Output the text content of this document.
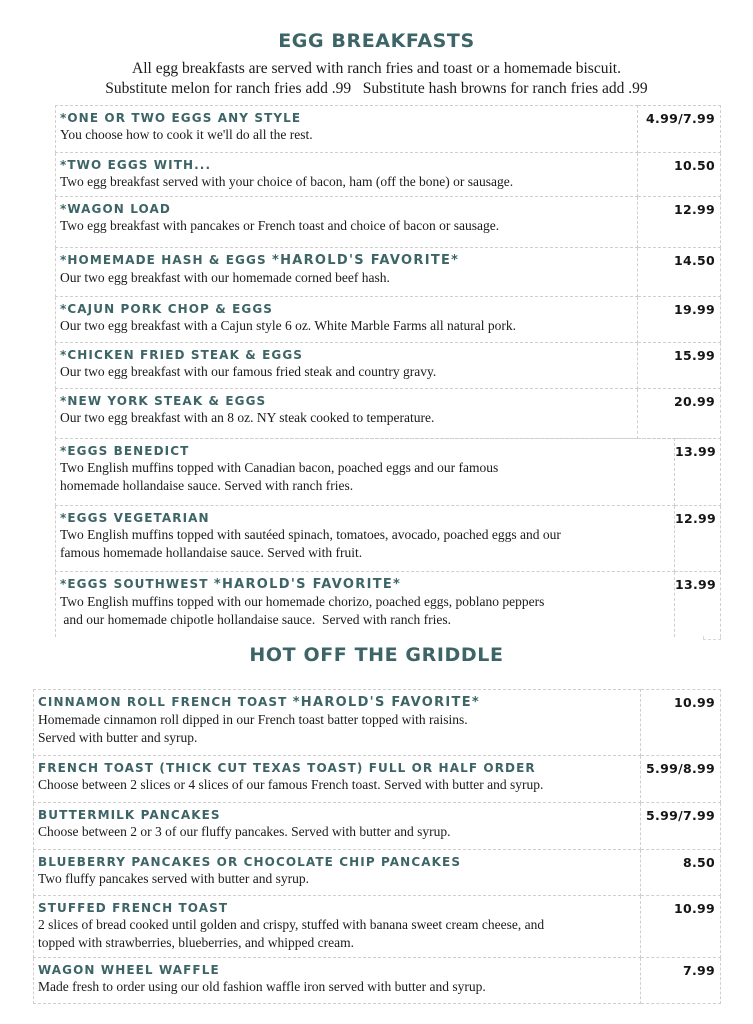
EGG BREAKFASTS
All egg breakfasts are served with ranch fries and toast or a homemade biscuit.
Substitute melon for ranch fries add .99   Substitute hash browns for ranch fries add .99
*ONE OR TWO EGGS ANY STYLE
You choose how to cook it we'll do all the rest.	4.99/7.99

*TWO EGGS WITH...
Two egg breakfast served with your choice of bacon, ham (off the bone) or sausage.	10.50

*WAGON LOAD
Two egg breakfast with pancakes or French toast and choice of bacon or sausage.	12.99

*HOMEMADE HASH & EGGS *HAROLD'S FAVORITE*
Our two egg breakfast with our homemade corned beef hash.	14.50

*CAJUN PORK CHOP & EGGS
Our two egg breakfast with a Cajun style 6 oz. White Marble Farms all natural pork.	19.99

*CHICKEN FRIED STEAK & EGGS
Our two egg breakfast with our famous fried steak and country gravy.	15.99

*NEW YORK STEAK & EGGS
Our two egg breakfast with an 8 oz. NY steak cooked to temperature.	20.99
*EGGS BENEDICT
Two English muffins topped with Canadian bacon, poached eggs and our famous
homemade hollandaise sauce. Served with ranch fries.	13.99

*EGGS VEGETARIAN
Two English muffins topped with sautéed spinach, tomatoes, avocado, poached eggs and our
famous homemade hollandaise sauce. Served with fruit.	12.99

*EGGS SOUTHWEST *HAROLD'S FAVORITE*
Two English muffins topped with our homemade chorizo, poached eggs, poblano peppers
and our homemade chipotle hollandaise sauce.  Served with ranch fries.	13.99
HOT OFF THE GRIDDLE
CINNAMON ROLL FRENCH TOAST *HAROLD'S FAVORITE*
Homemade cinnamon roll dipped in our French toast batter topped with raisins.
Served with butter and syrup.	10.99

FRENCH TOAST (THICK CUT TEXAS TOAST) FULL OR HALF ORDER
Choose between 2 slices or 4 slices of our famous French toast. Served with butter and syrup.	5.99/8.99

BUTTERMILK PANCAKES
Choose between 2 or 3 of our fluffy pancakes. Served with butter and syrup.	5.99/7.99

BLUEBERRY PANCAKES OR CHOCOLATE CHIP PANCAKES
Two fluffy pancakes served with butter and syrup.	8.50

STUFFED FRENCH TOAST
2 slices of bread cooked until golden and crispy, stuffed with banana sweet cream cheese, and
topped with strawberries, blueberries, and whipped cream.	10.99

WAGON WHEEL WAFFLE
Made fresh to order using our old fashion waffle iron served with butter and syrup.	7.99
